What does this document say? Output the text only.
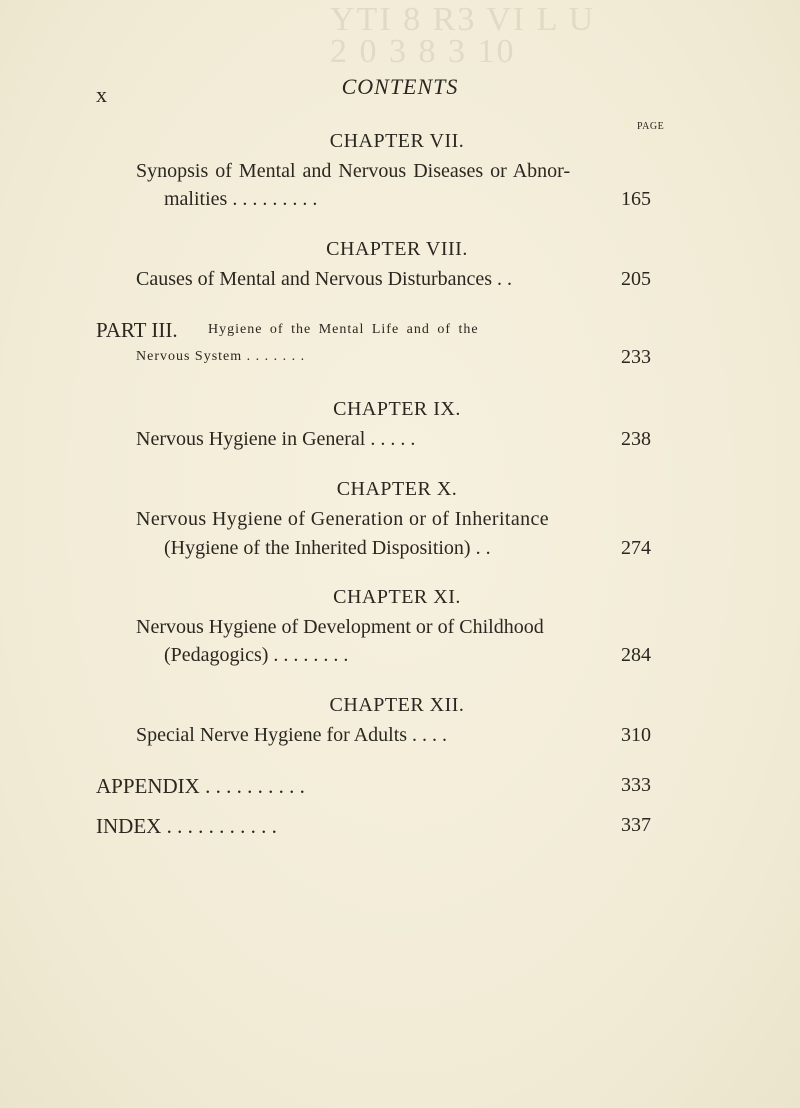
YTI 8 R3 VI L U
2 0 3 8 3 10
x	CONTENTS
PAGE
CHAPTER VII.
Synopsis of Mental and Nervous Diseases or Abnor-
malities . . . . . . . . .	165
CHAPTER VIII.
Causes of Mental and Nervous Disturbances . .	205
PART III. Hygiene of the Mental Life and of the
Nervous System . . . . . . .	233
CHAPTER IX.
Nervous Hygiene in General . . . . .	238
CHAPTER X.
Nervous Hygiene of Generation or of Inheritance
(Hygiene of the Inherited Disposition) . .	274
CHAPTER XI.
Nervous Hygiene of Development or of Childhood
(Pedagogics) . . . . . . . .	284
CHAPTER XII.
Special Nerve Hygiene for Adults . . . .	310
APPENDIX . . . . . . . . . .	333
INDEX . . . . . . . . . . .	337
